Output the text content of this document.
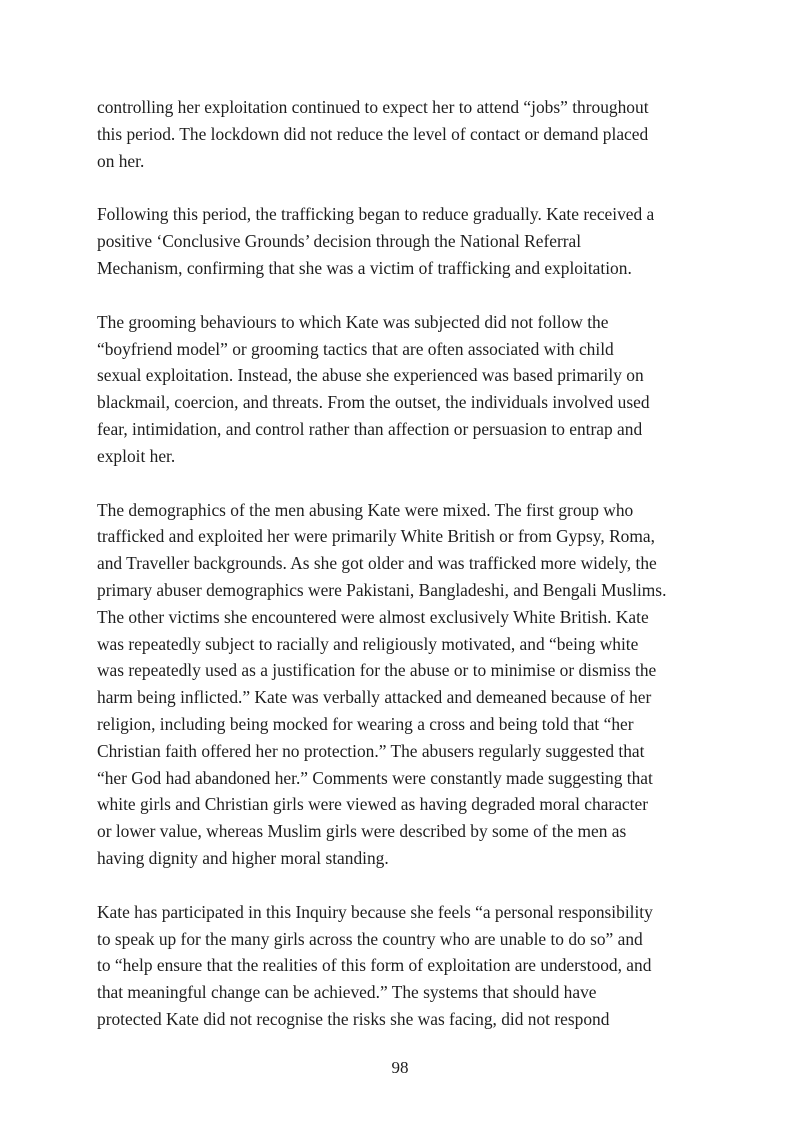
controlling her exploitation continued to expect her to attend “jobs” throughout
this period. The lockdown did not reduce the level of contact or demand placed
on her.

Following this period, the trafficking began to reduce gradually. Kate received a
positive ‘Conclusive Grounds’ decision through the National Referral
Mechanism, confirming that she was a victim of trafficking and exploitation.

The grooming behaviours to which Kate was subjected did not follow the
“boyfriend model” or grooming tactics that are often associated with child
sexual exploitation. Instead, the abuse she experienced was based primarily on
blackmail, coercion, and threats. From the outset, the individuals involved used
fear, intimidation, and control rather than affection or persuasion to entrap and
exploit her.

The demographics of the men abusing Kate were mixed. The first group who
trafficked and exploited her were primarily White British or from Gypsy, Roma,
and Traveller backgrounds. As she got older and was trafficked more widely, the
primary abuser demographics were Pakistani, Bangladeshi, and Bengali Muslims.
The other victims she encountered were almost exclusively White British. Kate
was repeatedly subject to racially and religiously motivated, and “being white
was repeatedly used as a justification for the abuse or to minimise or dismiss the
harm being inflicted.” Kate was verbally attacked and demeaned because of her
religion, including being mocked for wearing a cross and being told that “her
Christian faith offered her no protection.” The abusers regularly suggested that
“her God had abandoned her.” Comments were constantly made suggesting that
white girls and Christian girls were viewed as having degraded moral character
or lower value, whereas Muslim girls were described by some of the men as
having dignity and higher moral standing.

Kate has participated in this Inquiry because she feels “a personal responsibility
to speak up for the many girls across the country who are unable to do so” and
to “help ensure that the realities of this form of exploitation are understood, and
that meaningful change can be achieved.” The systems that should have
protected Kate did not recognise the risks she was facing, did not respond

98
